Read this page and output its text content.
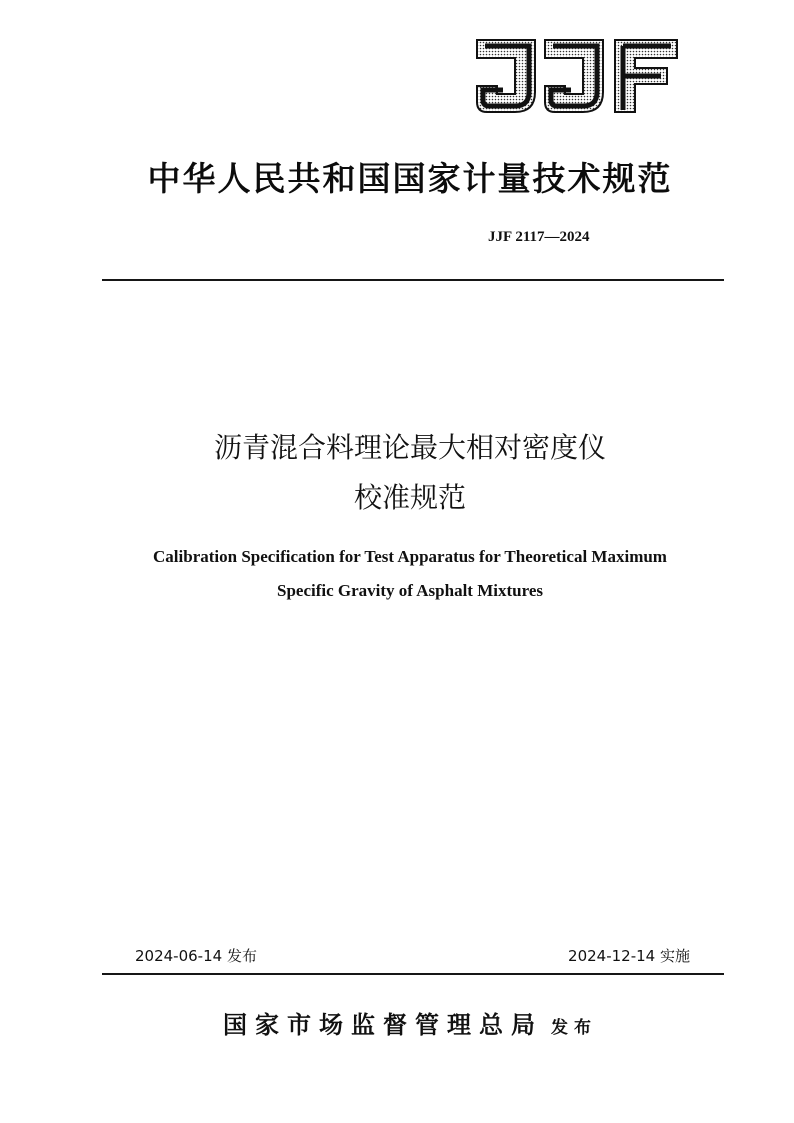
中华人民共和国国家计量技术规范
JJF 2117—2024
沥青混合料理论最大相对密度仪
校准规范
Calibration Specification for Test Apparatus for Theoretical Maximum
Specific Gravity of Asphalt Mixtures
2024-06-14 发布	2024-12-14 实施
国家市场监督管理总局 发布
